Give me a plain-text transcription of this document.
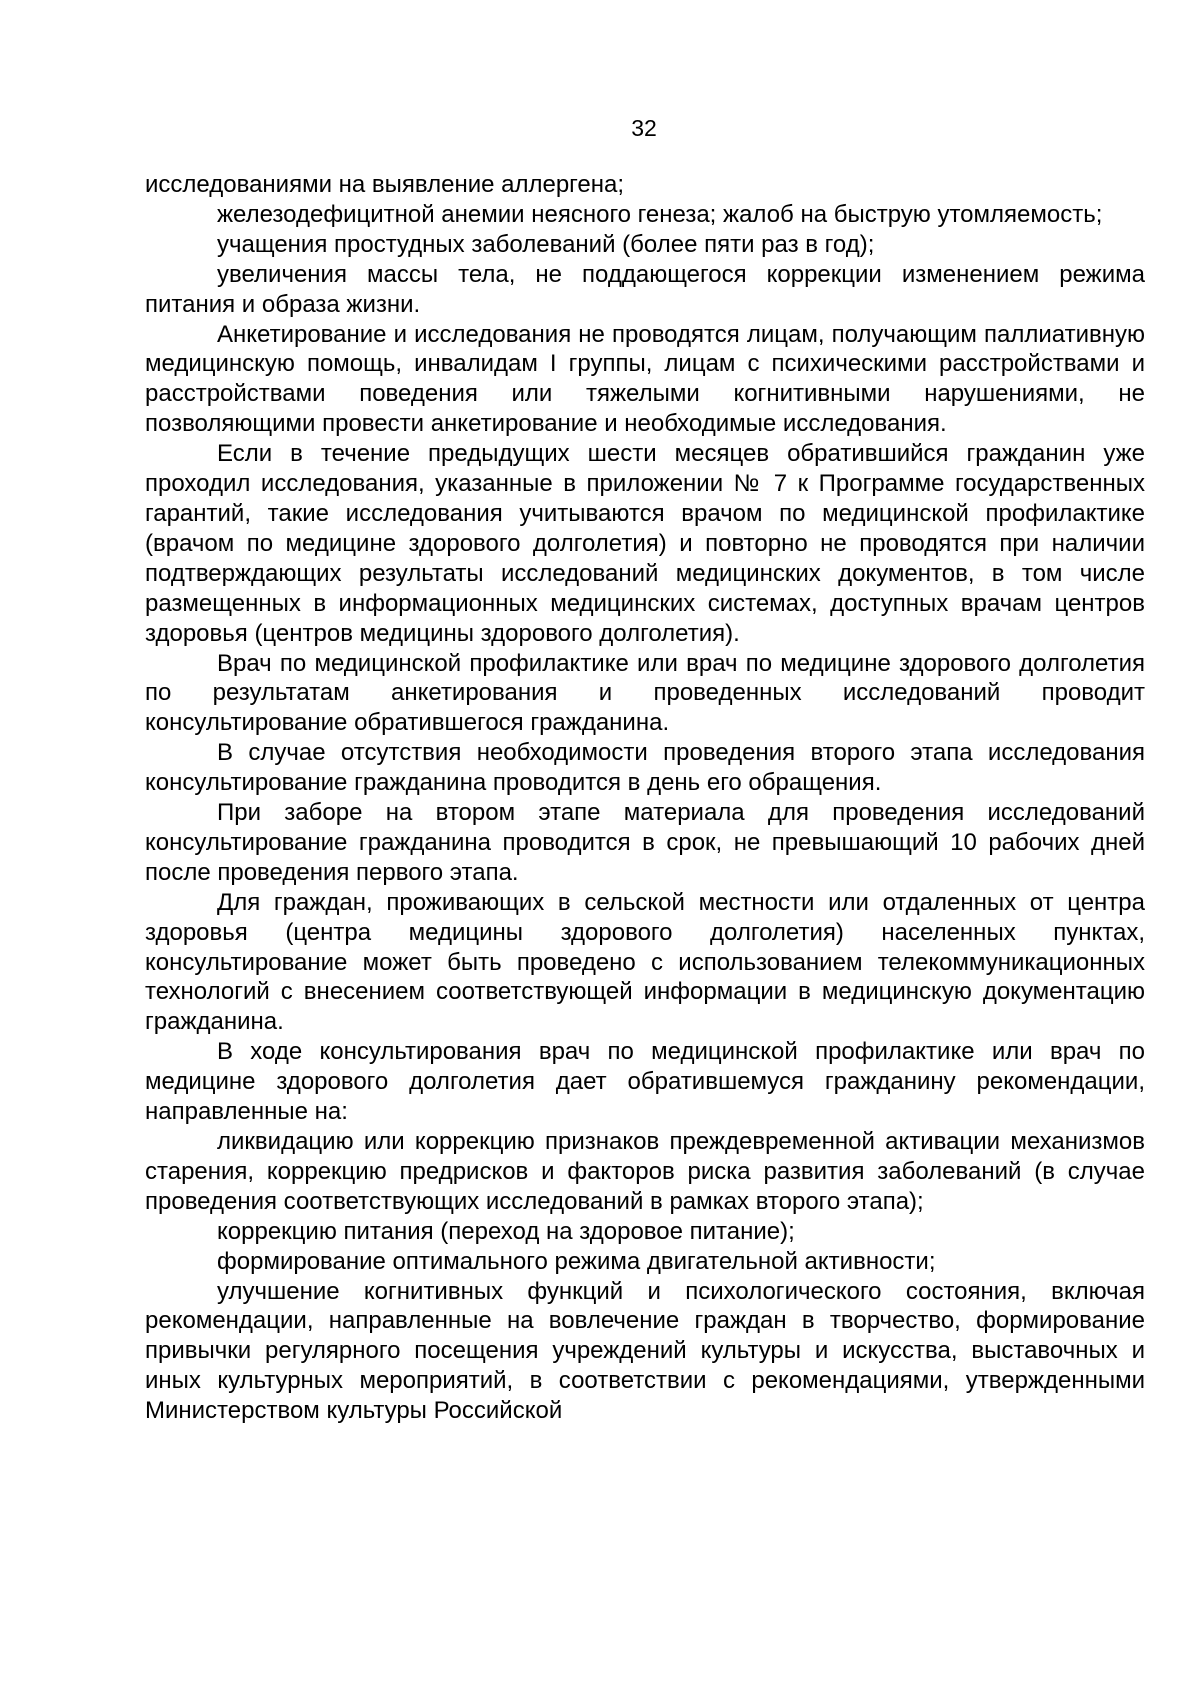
32

исследованиями на выявление аллергена;

железодефицитной анемии неясного генеза; жалоб на быструю утомляемость;

учащения простудных заболеваний (более пяти раз в год);

увеличения массы тела, не поддающегося коррекции изменением режима питания и образа жизни.

Анкетирование и исследования не проводятся лицам, получающим паллиативную медицинскую помощь, инвалидам I группы, лицам с психическими расстройствами и расстройствами поведения или тяжелыми когнитивными нарушениями, не позволяющими провести анкетирование и необходимые исследования.

Если в течение предыдущих шести месяцев обратившийся гражданин уже проходил исследования, указанные в приложении № 7 к Программе государственных гарантий, такие исследования учитываются врачом по медицинской профилактике (врачом по медицине здорового долголетия) и повторно не проводятся при наличии подтверждающих результаты исследований медицинских документов, в том числе размещенных в информационных медицинских системах, доступных врачам центров здоровья (центров медицины здорового долголетия).

Врач по медицинской профилактике или врач по медицине здорового долголетия по результатам анкетирования и проведенных исследований проводит консультирование обратившегося гражданина.

В случае отсутствия необходимости проведения второго этапа исследования консультирование гражданина проводится в день его обращения.

При заборе на втором этапе материала для проведения исследований консультирование гражданина проводится в срок, не превышающий 10 рабочих дней после проведения первого этапа.

Для граждан, проживающих в сельской местности или отдаленных от центра здоровья (центра медицины здорового долголетия) населенных пунктах, консультирование может быть проведено с использованием телекоммуникационных технологий с внесением соответствующей информации в медицинскую документацию гражданина.

В ходе консультирования врач по медицинской профилактике или врач по медицине здорового долголетия дает обратившемуся гражданину рекомендации, направленные на:

ликвидацию или коррекцию признаков преждевременной активации механизмов старения, коррекцию предрисков и факторов риска развития заболеваний (в случае проведения соответствующих исследований в рамках второго этапа);

коррекцию питания (переход на здоровое питание);

формирование оптимального режима двигательной активности;

улучшение когнитивных функций и психологического состояния, включая рекомендации, направленные на вовлечение граждан в творчество, формирование привычки регулярного посещения учреждений культуры и искусства, выставочных и иных культурных мероприятий, в соответствии с рекомендациями, утвержденными Министерством культуры Российской
